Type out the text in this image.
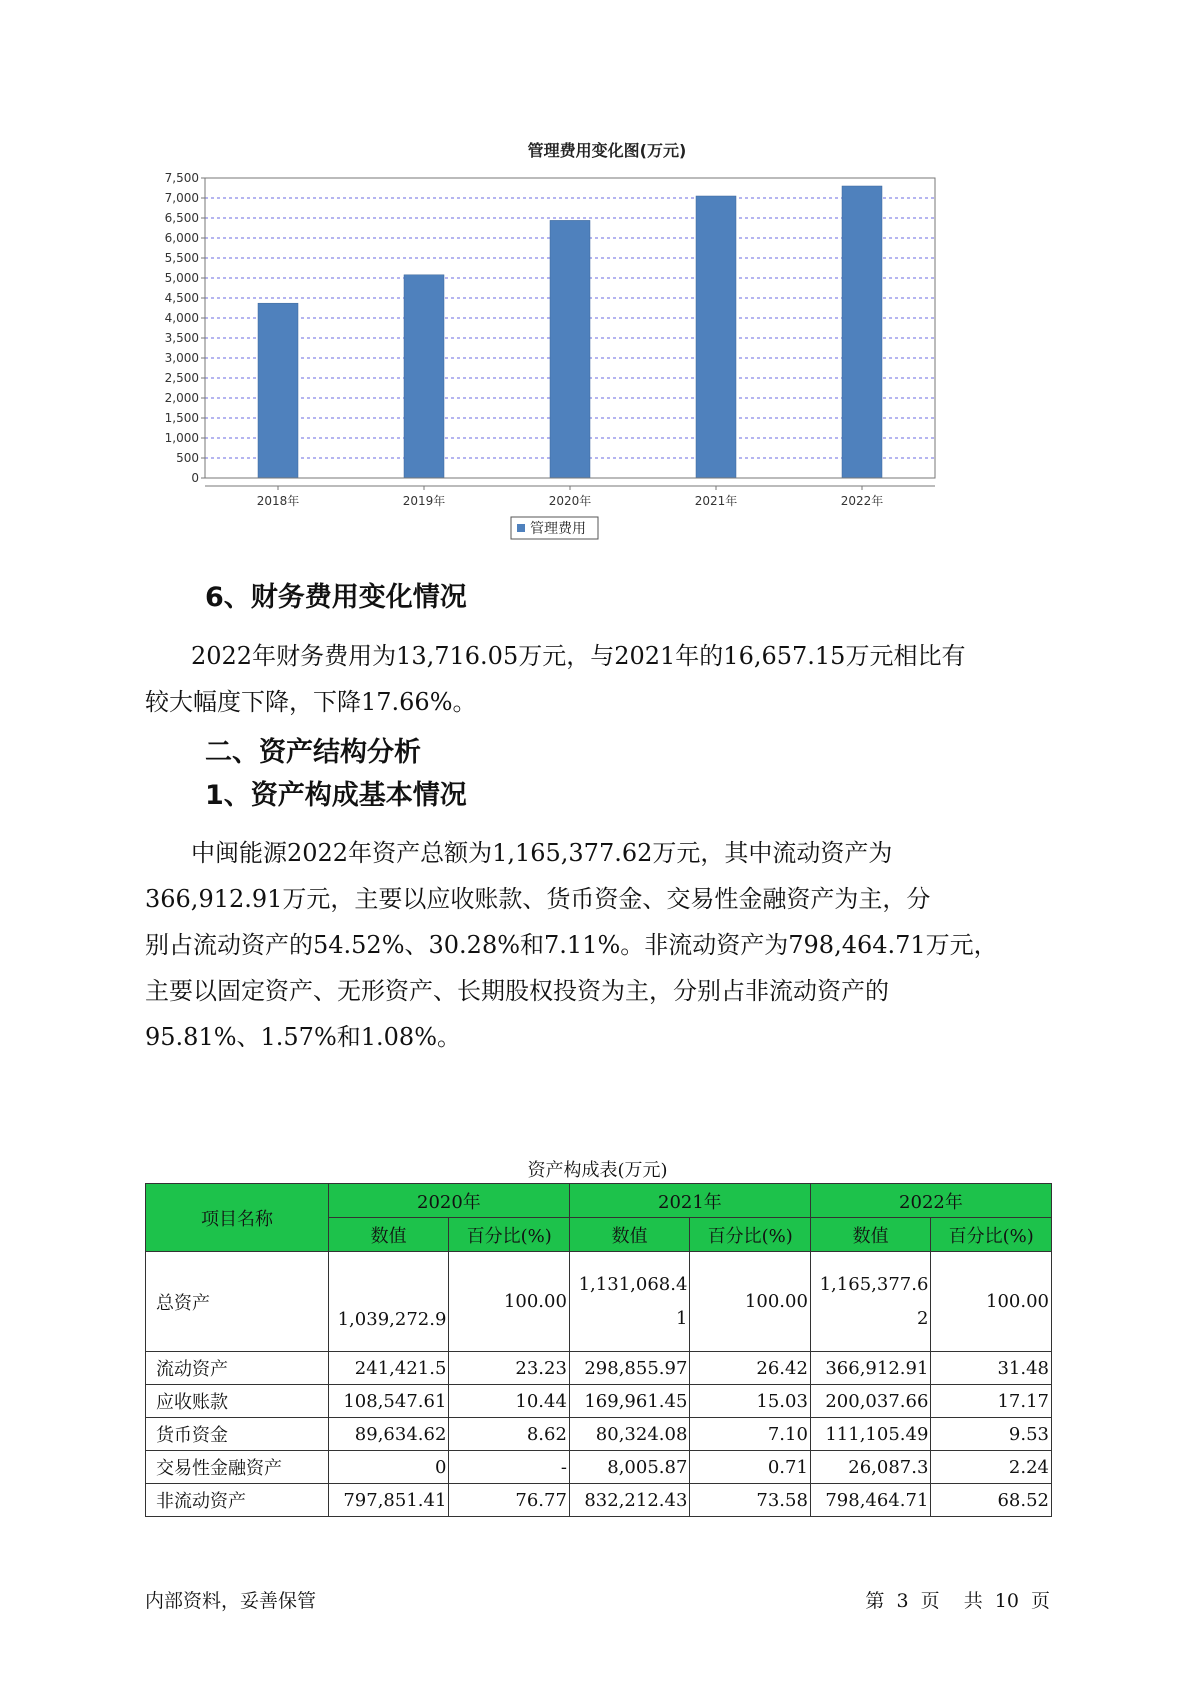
管理费用变化图(万元)
0
500
1,000
1,500
2,000
2,500
3,000
3,500
4,000
4,500
5,000
5,500
6,000
6,500
7,000
7,500
2018年	2019年	2020年	2021年	2022年
管理费用
6、财务费用变化情况

2022年财务费用为13,716.05万元，与2021年的16,657.15万元相比有
较大幅度下降，下降17.66%。

二、资产结构分析
1、资产构成基本情况

中闽能源2022年资产总额为1,165,377.62万元，其中流动资产为
366,912.91万元，主要以应收账款、货币资金、交易性金融资产为主，分
别占流动资产的54.52%、30.28%和7.11%。非流动资产为798,464.71万元，
主要以固定资产、无形资产、长期股权投资为主，分别占非流动资产的
95.81%、1.57%和1.08%。

资产构成表(万元)

项目名称	2020年		2021年		2022年	
	数值	百分比(%)	数值	百分比(%)	数值	百分比(%)
总资产	1,039,272.9	100.00	1,131,068.41	100.00	1,165,377.62	100.00
流动资产	241,421.5	23.23	298,855.97	26.42	366,912.91	31.48
应收账款	108,547.61	10.44	169,961.45	15.03	200,037.66	17.17
货币资金	89,634.62	8.62	80,324.08	7.10	111,105.49	9.53
交易性金融资产	0	-	8,005.87	0.71	26,087.3	2.24
非流动资产	797,851.41	76.77	832,212.43	73.58	798,464.71	68.52

内部资料，妥善保管	第 3 页 共 10 页
